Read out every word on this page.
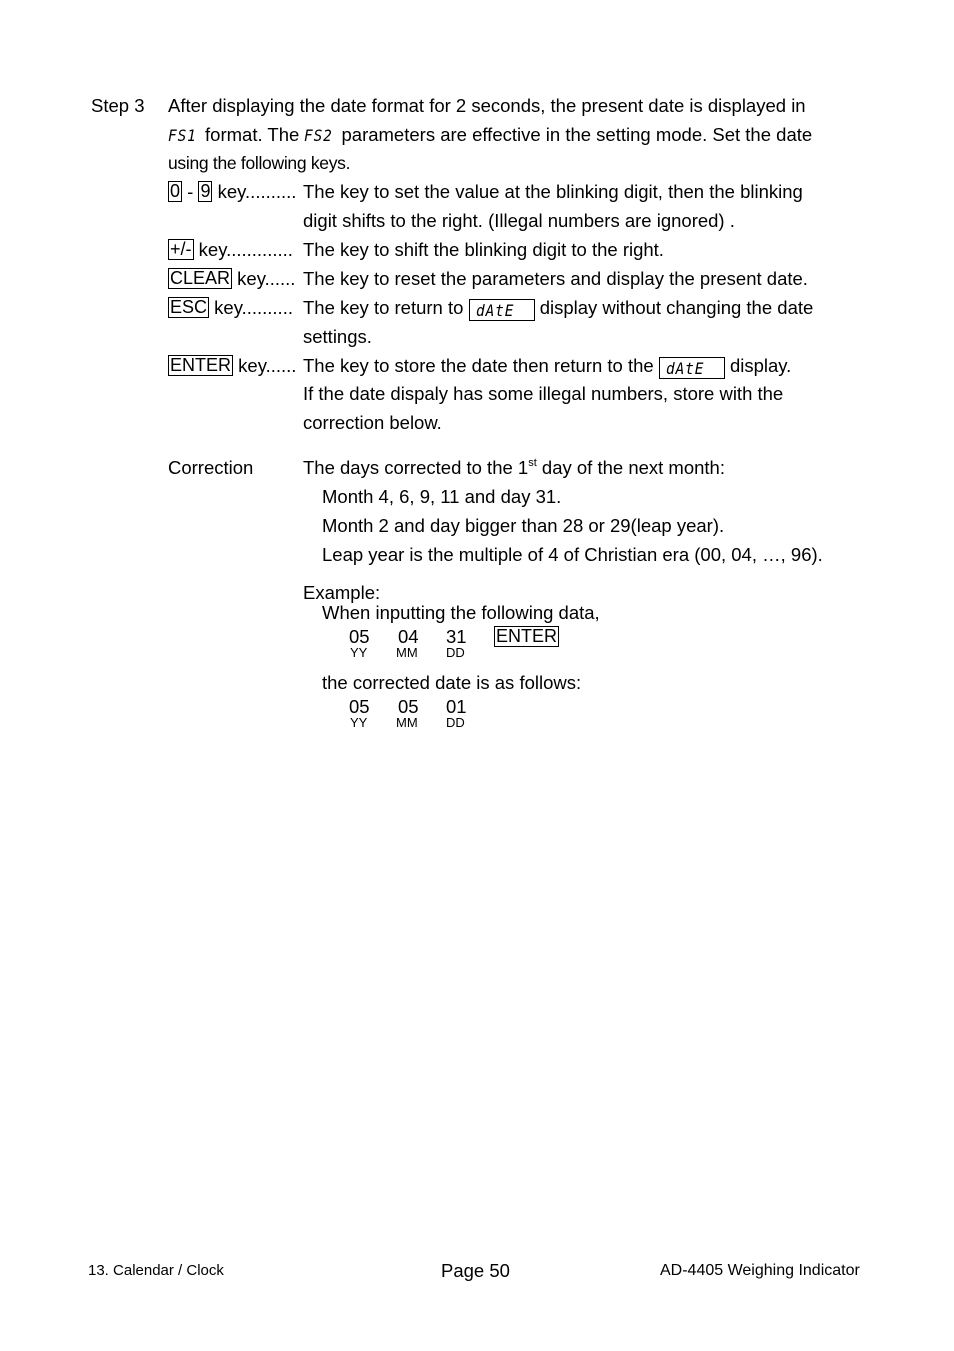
Step 3 After displaying the date format for 2 seconds, the present date is displayed in
FS1 format. The FS2 parameters are effective in the setting mode. Set the date
using the following keys.
0 - 9 key.......... The key to set the value at the blinking digit, then the blinking
digit shifts to the right. (Illegal numbers are ignored) .
+/- key............. The key to shift the blinking digit to the right.
CLEAR key...... The key to reset the parameters and display the present date.
ESC key.......... The key to return to dAtE display without changing the date
settings.
ENTER key...... The key to store the date then return to the dAtE display.
If the date dispaly has some illegal numbers, store with the
correction below.
Correction	The days corrected to the 1st day of the next month:
Month 4, 6, 9, 11 and day 31.
Month 2 and day bigger than 28 or 29(leap year).
Leap year is the multiple of 4 of Christian era (00, 04, …, 96).
Example:
When inputting the following data,
05 04 31 ENTER
YY MM DD
the corrected date is as follows:
05 05 01
YY MM DD
13. Calendar / Clock	Page 50	AD-4405 Weighing Indicator
